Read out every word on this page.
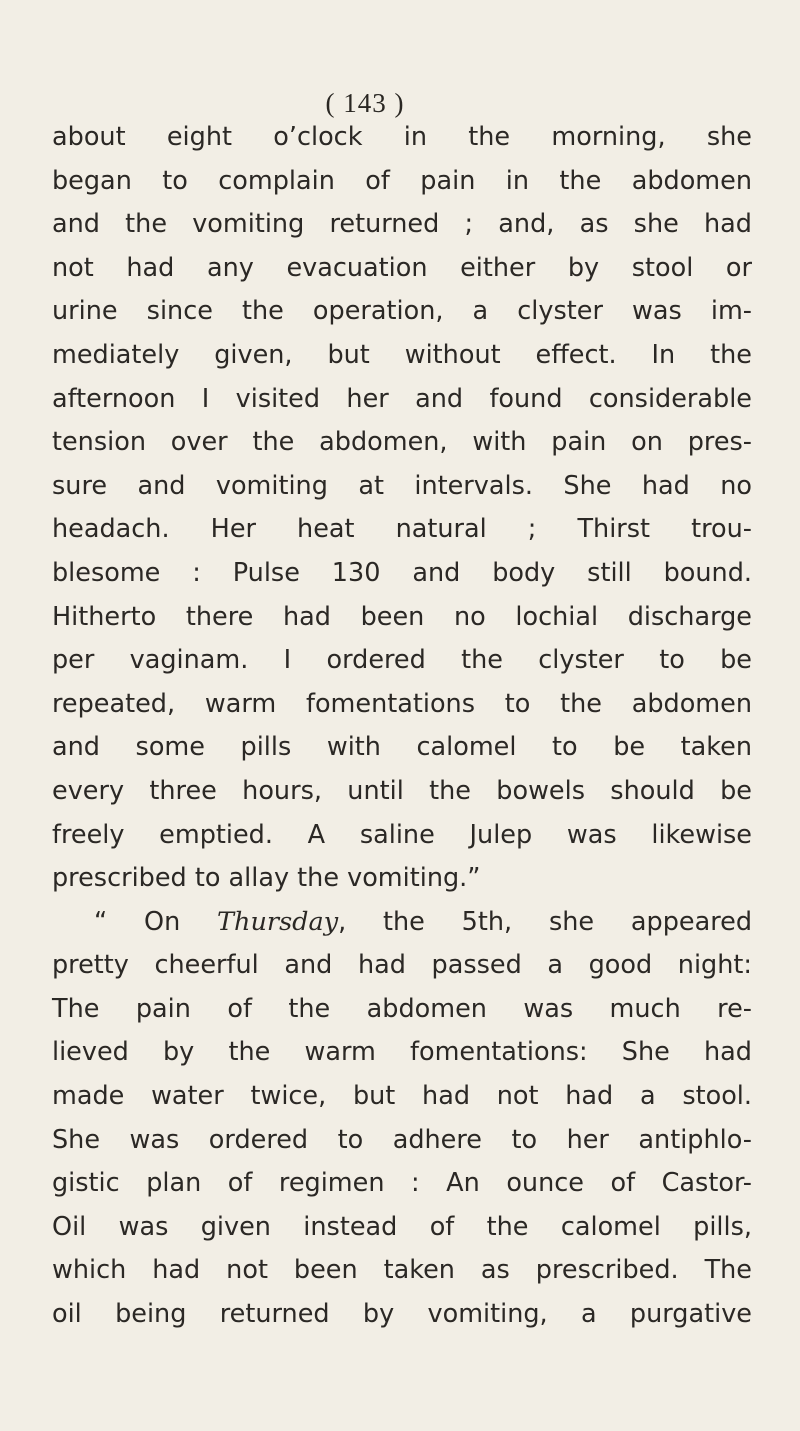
( 143 )
about eight o’clock in the morning, she
began to complain of pain in the abdomen
and the vomiting returned ; and, as she had
not had any evacuation either by stool or
urine since the operation, a clyster was im-
mediately given, but without effect. In the
afternoon I visited her and found considerable
tension over the abdomen, with pain on pres-
sure and vomiting at intervals. She had no
headach. Her heat natural ; Thirst trou-
blesome : Pulse 130 and body still bound.
Hitherto there had been no lochial discharge
per vaginam. I ordered the clyster to be
repeated, warm fomentations to the abdomen
and some pills with calomel to be taken
every three hours, until the bowels should be
freely emptied. A saline Julep was likewise
prescribed to allay the vomiting.”
“ On Thursday, the 5th, she appeared
pretty cheerful and had passed a good night:
The pain of the abdomen was much re-
lieved by the warm fomentations: She had
made water twice, but had not had a stool.
She was ordered to adhere to her antiphlo-
gistic plan of regimen : An ounce of Castor-
Oil was given instead of the calomel pills,
which had not been taken as prescribed. The
oil being returned by vomiting, a purgative
